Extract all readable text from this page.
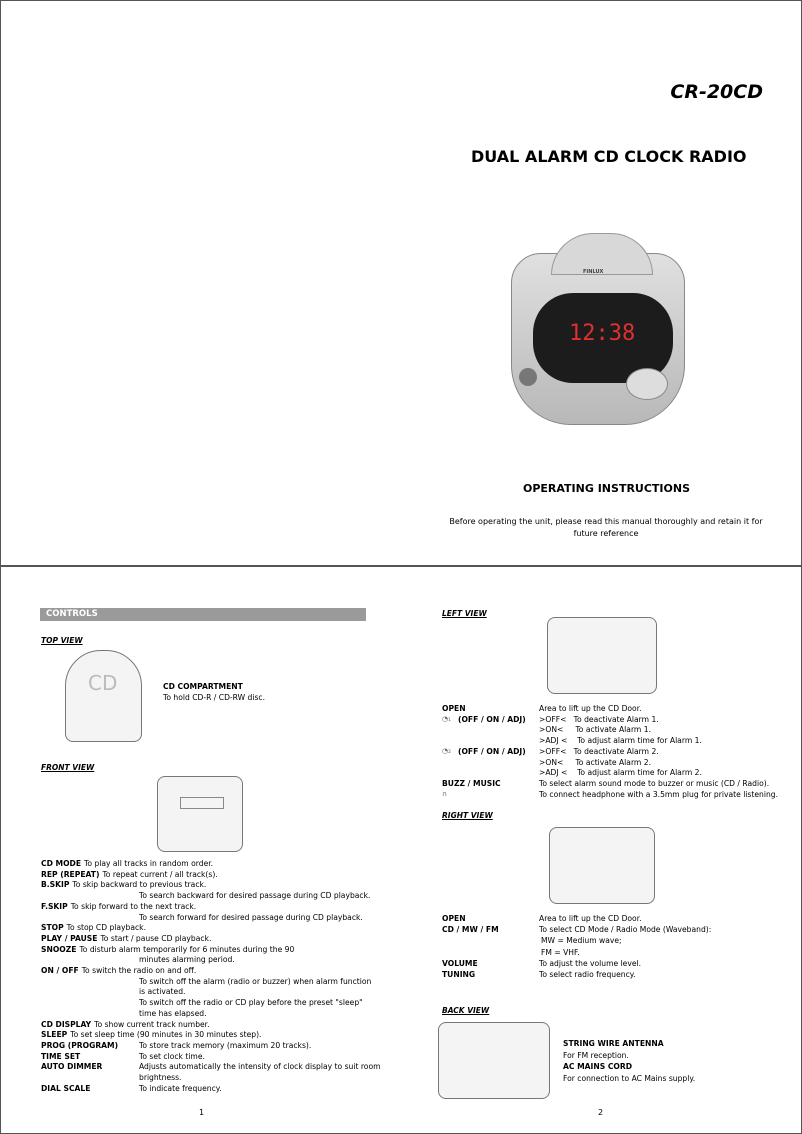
CR-20CD
DUAL ALARM CD CLOCK RADIO
FINLUX
12:38
OPERATING INSTRUCTIONS
Before operating the unit, please read this manual thoroughly and retain it for future reference
CONTROLS
TOP VIEW
CD	CD COMPARTMENT
To hold CD-R / CD-RW disc.
FRONT VIEW
1
LEFT VIEW
RIGHT VIEW
BACK VIEW
STRING WIRE ANTENNA
For FM reception.
AC MAINS CORD
For connection to AC Mains supply.
2
CD MODE To play all tracks in random order.
REP (REPEAT) To repeat current / all track(s).
B.SKIP To skip backward to previous track.
To search backward for desired passage during CD playback.
F.SKIP To skip forward to the next track.
To search forward for desired passage during CD playback.
STOP To stop CD playback.
PLAY / PAUSE To start / pause CD playback.
SNOOZE To disturb alarm temporarily for 6 minutes during the 90
minutes alarming period.
ON / OFF To switch the radio on and off.
To switch off the alarm (radio or buzzer) when alarm function
is activated.
To switch off the radio or CD play before the preset "sleep"
time has elapsed.
CD DISPLAY To show current track number.
SLEEP To set sleep time (90 minutes in 30 minutes step).
PROG (PROGRAM)	To store track memory (maximum 20 tracks).
TIME SET	To set clock time.
AUTO DIMMER	Adjusts automatically the intensity of clock display to suit room
brightness.
DIAL SCALE	To indicate frequency.
OPEN	Area to lift up the CD Door.
◔₁ (OFF / ON / ADJ) >OFF<   To deactivate Alarm 1.
>ON<     To activate Alarm 1.
>ADJ <    To adjust alarm time for Alarm 1.
◔₂ (OFF / ON / ADJ) >OFF<   To deactivate Alarm 2.
>ON<     To activate Alarm 2.
>ADJ <    To adjust alarm time for Alarm 2.
BUZZ / MUSIC	To select alarm sound mode to buzzer or music (CD / Radio).
∩	To connect headphone with a 3.5mm plug for private listening.
OPEN	Area to lift up the CD Door.
CD / MW / FM	To select CD Mode / Radio Mode (Waveband):
MW = Medium wave;
FM = VHF.
VOLUME	To adjust the volume level.
TUNING	To select radio frequency.
